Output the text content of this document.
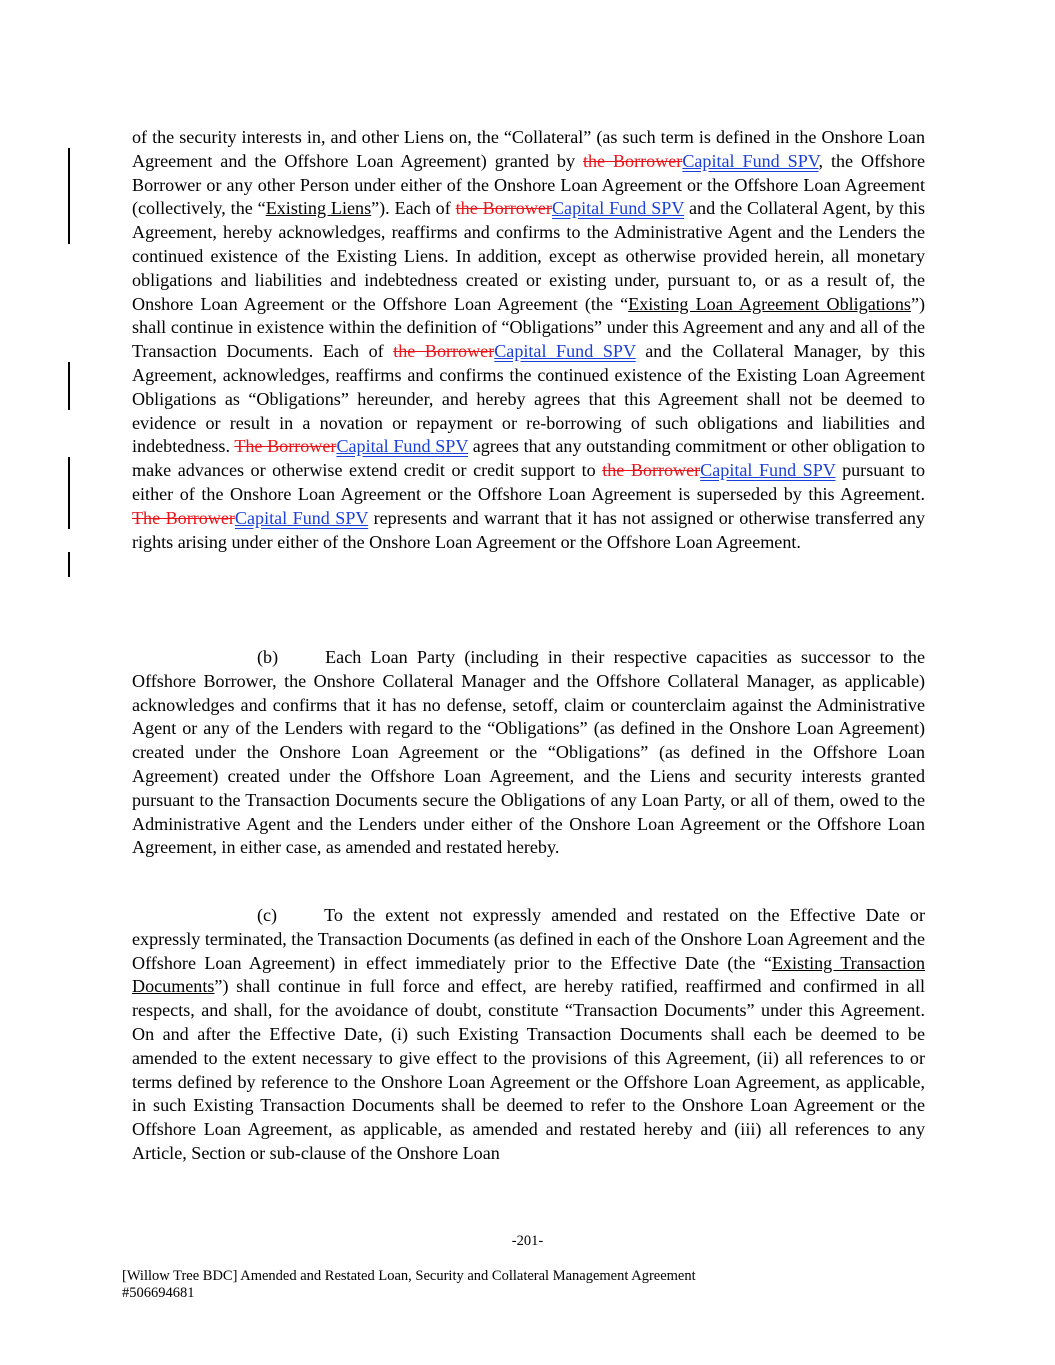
of the security interests in, and other Liens on, the “Collateral” (as such term is defined in the Onshore Loan Agreement and the Offshore Loan Agreement) granted by the BorrowerCapital Fund SPV, the Offshore Borrower or any other Person under either of the Onshore Loan Agreement or the Offshore Loan Agreement (collectively, the “Existing Liens”). Each of the BorrowerCapital Fund SPV and the Collateral Agent, by this Agreement, hereby acknowledges, reaffirms and confirms to the Administrative Agent and the Lenders the continued existence of the Existing Liens. In addition, except as otherwise provided herein, all monetary obligations and liabilities and indebtedness created or existing under, pursuant to, or as a result of, the Onshore Loan Agreement or the Offshore Loan Agreement (the “Existing Loan Agreement Obligations”) shall continue in existence within the definition of “Obligations” under this Agreement and any and all of the Transaction Documents. Each of the BorrowerCapital Fund SPV and the Collateral Manager, by this Agreement, acknowledges, reaffirms and confirms the continued existence of the Existing Loan Agreement Obligations as “Obligations” hereunder, and hereby agrees that this Agreement shall not be deemed to evidence or result in a novation or repayment or re-borrowing of such obligations and liabilities and indebtedness. The BorrowerCapital Fund SPV agrees that any outstanding commitment or other obligation to make advances or otherwise extend credit or credit support to the BorrowerCapital Fund SPV pursuant to either of the Onshore Loan Agreement or the Offshore Loan Agreement is superseded by this Agreement. The BorrowerCapital Fund SPV represents and warrant that it has not assigned or otherwise transferred any rights arising under either of the Onshore Loan Agreement or the Offshore Loan Agreement.
(b)	Each Loan Party (including in their respective capacities as successor to the Offshore Borrower, the Onshore Collateral Manager and the Offshore Collateral Manager, as applicable) acknowledges and confirms that it has no defense, setoff, claim or counterclaim against the Administrative Agent or any of the Lenders with regard to the “Obligations” (as defined in the Onshore Loan Agreement) created under the Onshore Loan Agreement or the “Obligations” (as defined in the Offshore Loan Agreement) created under the Offshore Loan Agreement, and the Liens and security interests granted pursuant to the Transaction Documents secure the Obligations of any Loan Party, or all of them, owed to the Administrative Agent and the Lenders under either of the Onshore Loan Agreement or the Offshore Loan Agreement, in either case, as amended and restated hereby.
(c)	To the extent not expressly amended and restated on the Effective Date or expressly terminated, the Transaction Documents (as defined in each of the Onshore Loan Agreement and the Offshore Loan Agreement) in effect immediately prior to the Effective Date (the “Existing Transaction Documents”) shall continue in full force and effect, are hereby ratified, reaffirmed and confirmed in all respects, and shall, for the avoidance of doubt, constitute “Transaction Documents” under this Agreement. On and after the Effective Date, (i) such Existing Transaction Documents shall each be deemed to be amended to the extent necessary to give effect to the provisions of this Agreement, (ii) all references to or terms defined by reference to the Onshore Loan Agreement or the Offshore Loan Agreement, as applicable, in such Existing Transaction Documents shall be deemed to refer to the Onshore Loan Agreement or the Offshore Loan Agreement, as applicable, as amended and restated hereby and (iii) all references to any Article, Section or sub-clause of the Onshore Loan
-201-
[Willow Tree BDC] Amended and Restated Loan, Security and Collateral Management Agreement
#506694681
